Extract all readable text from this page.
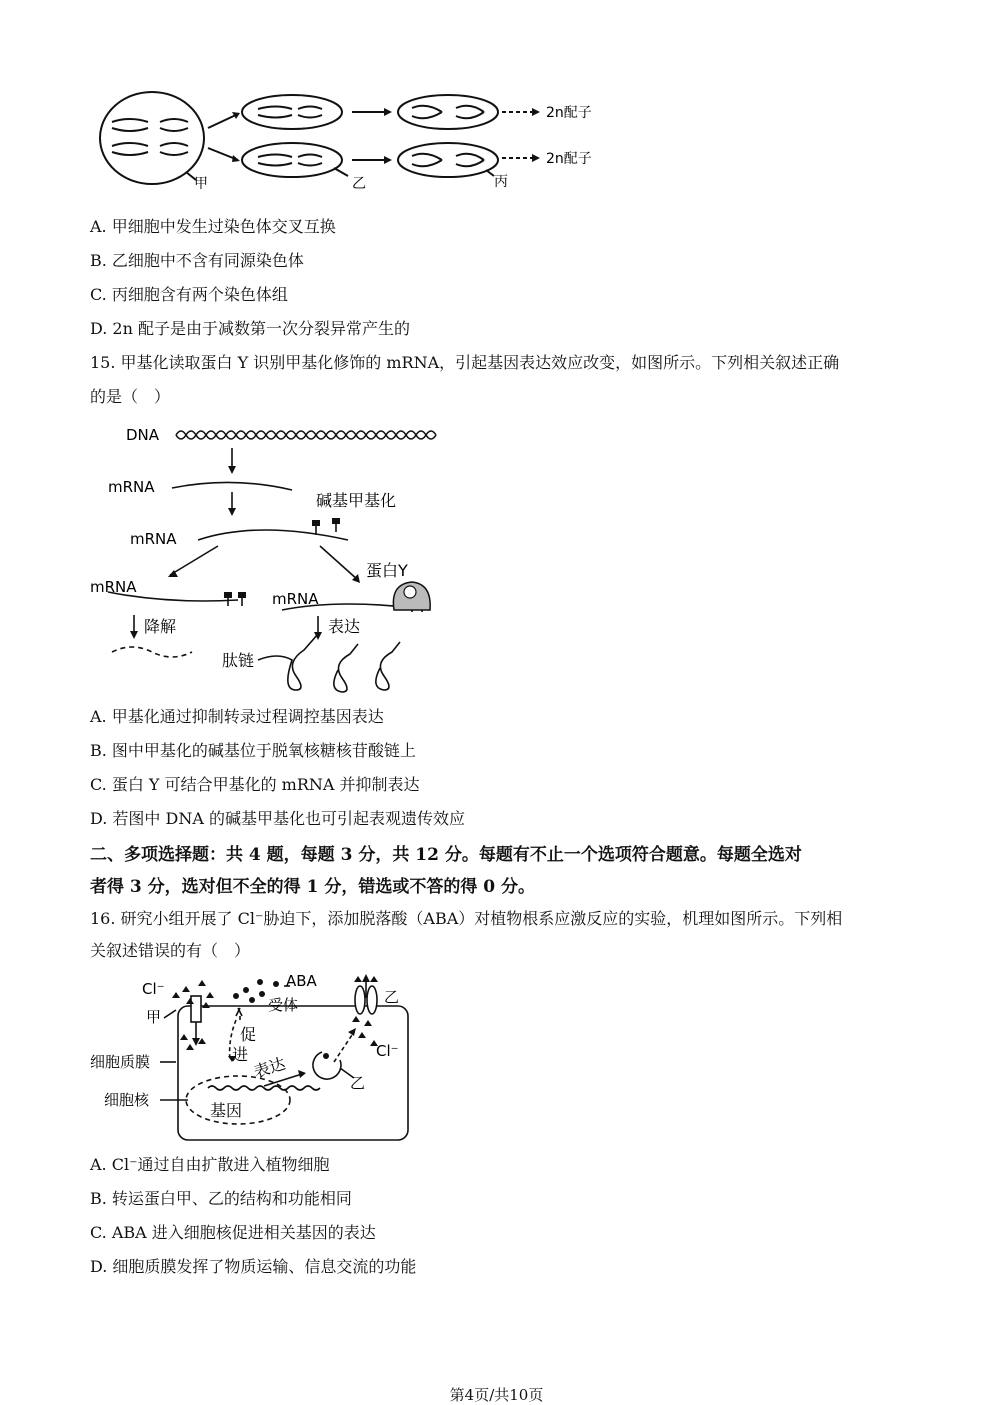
甲	乙	丙
2n配子
2n配子
A. 甲细胞中发生过染色体交叉互换
B. 乙细胞中不含有同源染色体
C. 丙细胞含有两个染色体组
D. 2n 配子是由于减数第一次分裂异常产生的
15. 甲基化读取蛋白 Y 识别甲基化修饰的 mRNA，引起基因表达效应改变，如图所示。下列相关叙述正确
的是（　）
DNA
mRNA
mRNA
mRNA
mRNA
碱基甲基化
蛋白Y
降解	表达
肽链
A. 甲基化通过抑制转录过程调控基因表达
B. 图中甲基化的碱基位于脱氧核糖核苷酸链上
C. 蛋白 Y 可结合甲基化的 mRNA 并抑制表达
D. 若图中 DNA 的碱基甲基化也可引起表观遗传效应
二、多项选择题：共 4 题，每题 3 分，共 12 分。每题有不止一个选项符合题意。每题全选对
者得 3 分，选对但不全的得 1 分，错选或不答的得 0 分。
16. 研究小组开展了 Cl⁻胁迫下，添加脱落酸（ABA）对植物根系应激反应的实验，机理如图所示。下列相
关叙述错误的有（　）
Cl⁻	ABA
受体
甲
乙
Cl⁻
乙
细胞质膜
细胞核
促
进 表达
基因
A. Cl⁻通过自由扩散进入植物细胞
B. 转运蛋白甲、乙的结构和功能相同
C. ABA 进入细胞核促进相关基因的表达
D. 细胞质膜发挥了物质运输、信息交流的功能
第4页/共10页
